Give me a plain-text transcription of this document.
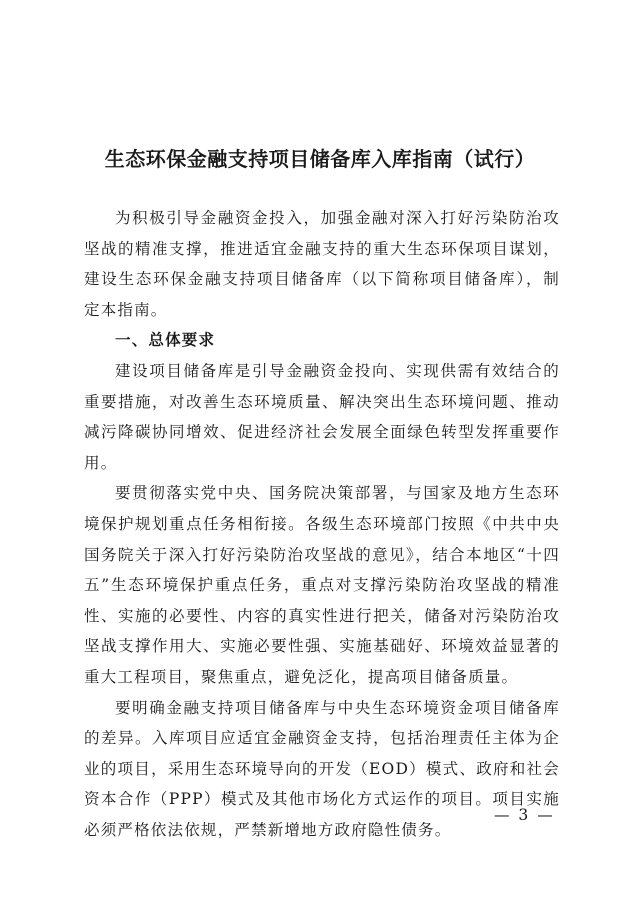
生态环保金融支持项目储备库入库指南（试行）

为积极引导金融资金投入，加强金融对深入打好污染防治攻坚战的精准支撑，推进适宜金融支持的重大生态环保项目谋划，建设生态环保金融支持项目储备库（以下简称项目储备库），制定本指南。

一、总体要求

建设项目储备库是引导金融资金投向、实现供需有效结合的重要措施，对改善生态环境质量、解决突出生态环境问题、推动减污降碳协同增效、促进经济社会发展全面绿色转型发挥重要作用。

要贯彻落实党中央、国务院决策部署，与国家及地方生态环境保护规划重点任务相衔接。各级生态环境部门按照《中共中央 国务院关于深入打好污染防治攻坚战的意见》，结合本地区“十四五”生态环境保护重点任务，重点对支撑污染防治攻坚战的精准性、实施的必要性、内容的真实性进行把关，储备对污染防治攻坚战支撑作用大、实施必要性强、实施基础好、环境效益显著的重大工程项目，聚焦重点，避免泛化，提高项目储备质量。

要明确金融支持项目储备库与中央生态环境资金项目储备库的差异。入库项目应适宜金融资金支持，包括治理责任主体为企业的项目，采用生态环境导向的开发（EOD）模式、政府和社会资本合作（PPP）模式及其他市场化方式运作的项目。项目实施必须严格依法依规，严禁新增地方政府隐性债务。

— 3 —
